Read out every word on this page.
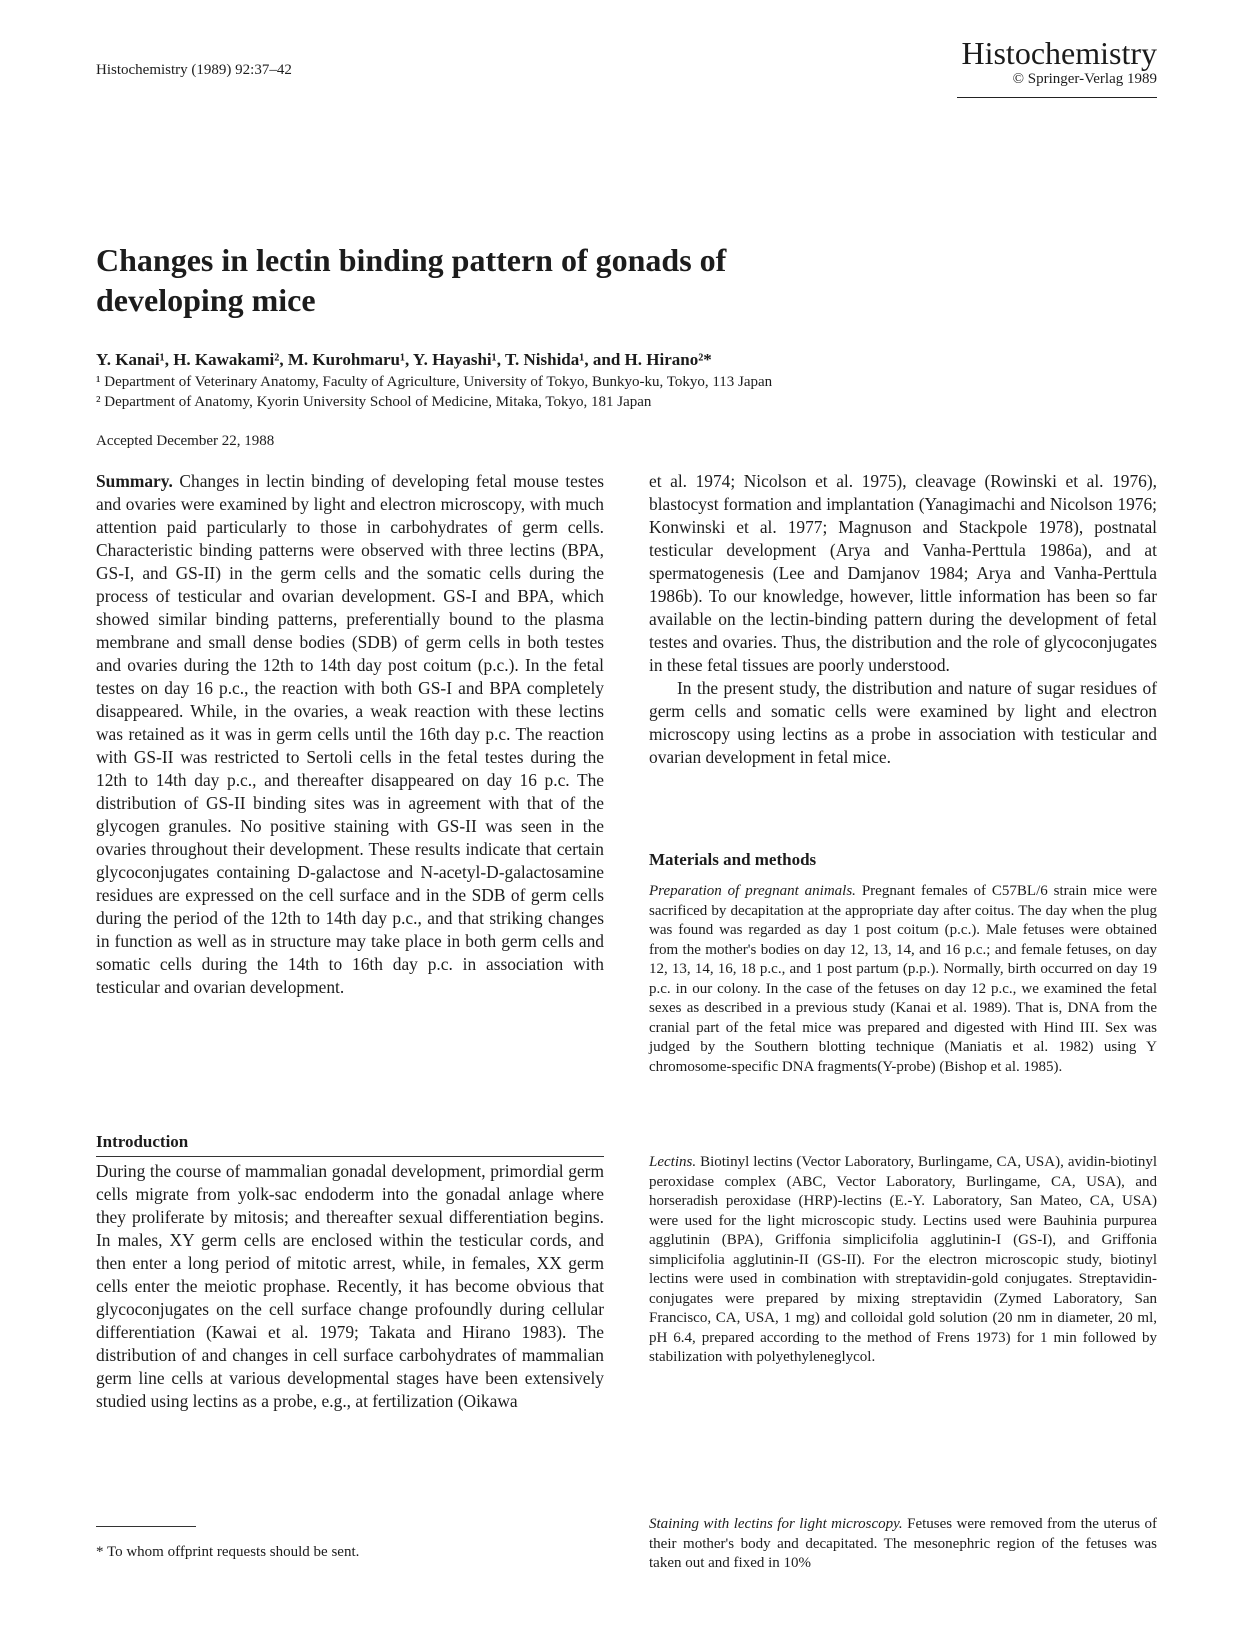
Histochemistry (1989) 92:37–42	Histochemistry
© Springer-Verlag 1989
Changes in lectin binding pattern of gonads of developing mice
Y. Kanai¹, H. Kawakami², M. Kurohmaru¹, Y. Hayashi¹, T. Nishida¹, and H. Hirano²*
¹ Department of Veterinary Anatomy, Faculty of Agriculture, University of Tokyo, Bunkyo-ku, Tokyo, 113 Japan
² Department of Anatomy, Kyorin University School of Medicine, Mitaka, Tokyo, 181 Japan
Accepted December 22, 1988

Summary. Changes in lectin binding of developing fetal mouse testes and ovaries were examined by light and electron microscopy, with much attention paid particularly to those in carbohydrates of germ cells. Characteristic binding patterns were observed with three lectins (BPA, GS-I, and GS-II) in the germ cells and the somatic cells during the process of testicular and ovarian development. GS-I and BPA, which showed similar binding patterns, preferentially bound to the plasma membrane and small dense bodies (SDB) of germ cells in both testes and ovaries during the 12th to 14th day post coitum (p.c.). In the fetal testes on day 16 p.c., the reaction with both GS-I and BPA completely disappeared. While, in the ovaries, a weak reaction with these lectins was retained as it was in germ cells until the 16th day p.c. The reaction with GS-II was restricted to Sertoli cells in the fetal testes during the 12th to 14th day p.c., and thereafter disappeared on day 16 p.c. The distribution of GS-II binding sites was in agreement with that of the glycogen granules. No positive staining with GS-II was seen in the ovaries throughout their development. These results indicate that certain glycoconjugates containing D-galactose and N-acetyl-D-galactosamine residues are expressed on the cell surface and in the SDB of germ cells during the period of the 12th to 14th day p.c., and that striking changes in function as well as in structure may take place in both germ cells and somatic cells during the 14th to 16th day p.c. in association with testicular and ovarian development.

Introduction

During the course of mammalian gonadal development, primordial germ cells migrate from yolk-sac endoderm into the gonadal anlage where they proliferate by mitosis; and thereafter sexual differentiation begins. In males, XY germ cells are enclosed within the testicular cords, and then enter a long period of mitotic arrest, while, in females, XX germ cells enter the meiotic prophase. Recently, it has become obvious that glycoconjugates on the cell surface change profoundly during cellular differentiation (Kawai et al. 1979; Takata and Hirano 1983). The distribution of and changes in cell surface carbohydrates of mammalian germ line cells at various developmental stages have been extensively studied using lectins as a probe, e.g., at fertilization (Oikawa

* To whom offprint requests should be sent.

et al. 1974; Nicolson et al. 1975), cleavage (Rowinski et al. 1976), blastocyst formation and implantation (Yanagimachi and Nicolson 1976; Konwinski et al. 1977; Magnuson and Stackpole 1978), postnatal testicular development (Arya and Vanha-Perttula 1986a), and at spermatogenesis (Lee and Damjanov 1984; Arya and Vanha-Perttula 1986b). To our knowledge, however, little information has been so far available on the lectin-binding pattern during the development of fetal testes and ovaries. Thus, the distribution and the role of glycoconjugates in these fetal tissues are poorly understood.

In the present study, the distribution and nature of sugar residues of germ cells and somatic cells were examined by light and electron microscopy using lectins as a probe in association with testicular and ovarian development in fetal mice.

Materials and methods

Preparation of pregnant animals. Pregnant females of C57BL/6 strain mice were sacrificed by decapitation at the appropriate day after coitus. The day when the plug was found was regarded as day 1 post coitum (p.c.). Male fetuses were obtained from the mother's bodies on day 12, 13, 14, and 16 p.c.; and female fetuses, on day 12, 13, 14, 16, 18 p.c., and 1 post partum (p.p.). Normally, birth occurred on day 19 p.c. in our colony. In the case of the fetuses on day 12 p.c., we examined the fetal sexes as described in a previous study (Kanai et al. 1989). That is, DNA from the cranial part of the fetal mice was prepared and digested with Hind III. Sex was judged by the Southern blotting technique (Maniatis et al. 1982) using Y chromosome-specific DNA fragments(Y-probe) (Bishop et al. 1985).

Lectins. Biotinyl lectins (Vector Laboratory, Burlingame, CA, USA), avidin-biotinyl peroxidase complex (ABC, Vector Laboratory, Burlingame, CA, USA), and horseradish peroxidase (HRP)-lectins (E.-Y. Laboratory, San Mateo, CA, USA) were used for the light microscopic study. Lectins used were Bauhinia purpurea agglutinin (BPA), Griffonia simplicifolia agglutinin-I (GS-I), and Griffonia simplicifolia agglutinin-II (GS-II). For the electron microscopic study, biotinyl lectins were used in combination with streptavidin-gold conjugates. Streptavidin-conjugates were prepared by mixing streptavidin (Zymed Laboratory, San Francisco, CA, USA, 1 mg) and colloidal gold solution (20 nm in diameter, 20 ml, pH 6.4, prepared according to the method of Frens 1973) for 1 min followed by stabilization with polyethyleneglycol.

Staining with lectins for light microscopy. Fetuses were removed from the uterus of their mother's body and decapitated. The mesonephric region of the fetuses was taken out and fixed in 10%
